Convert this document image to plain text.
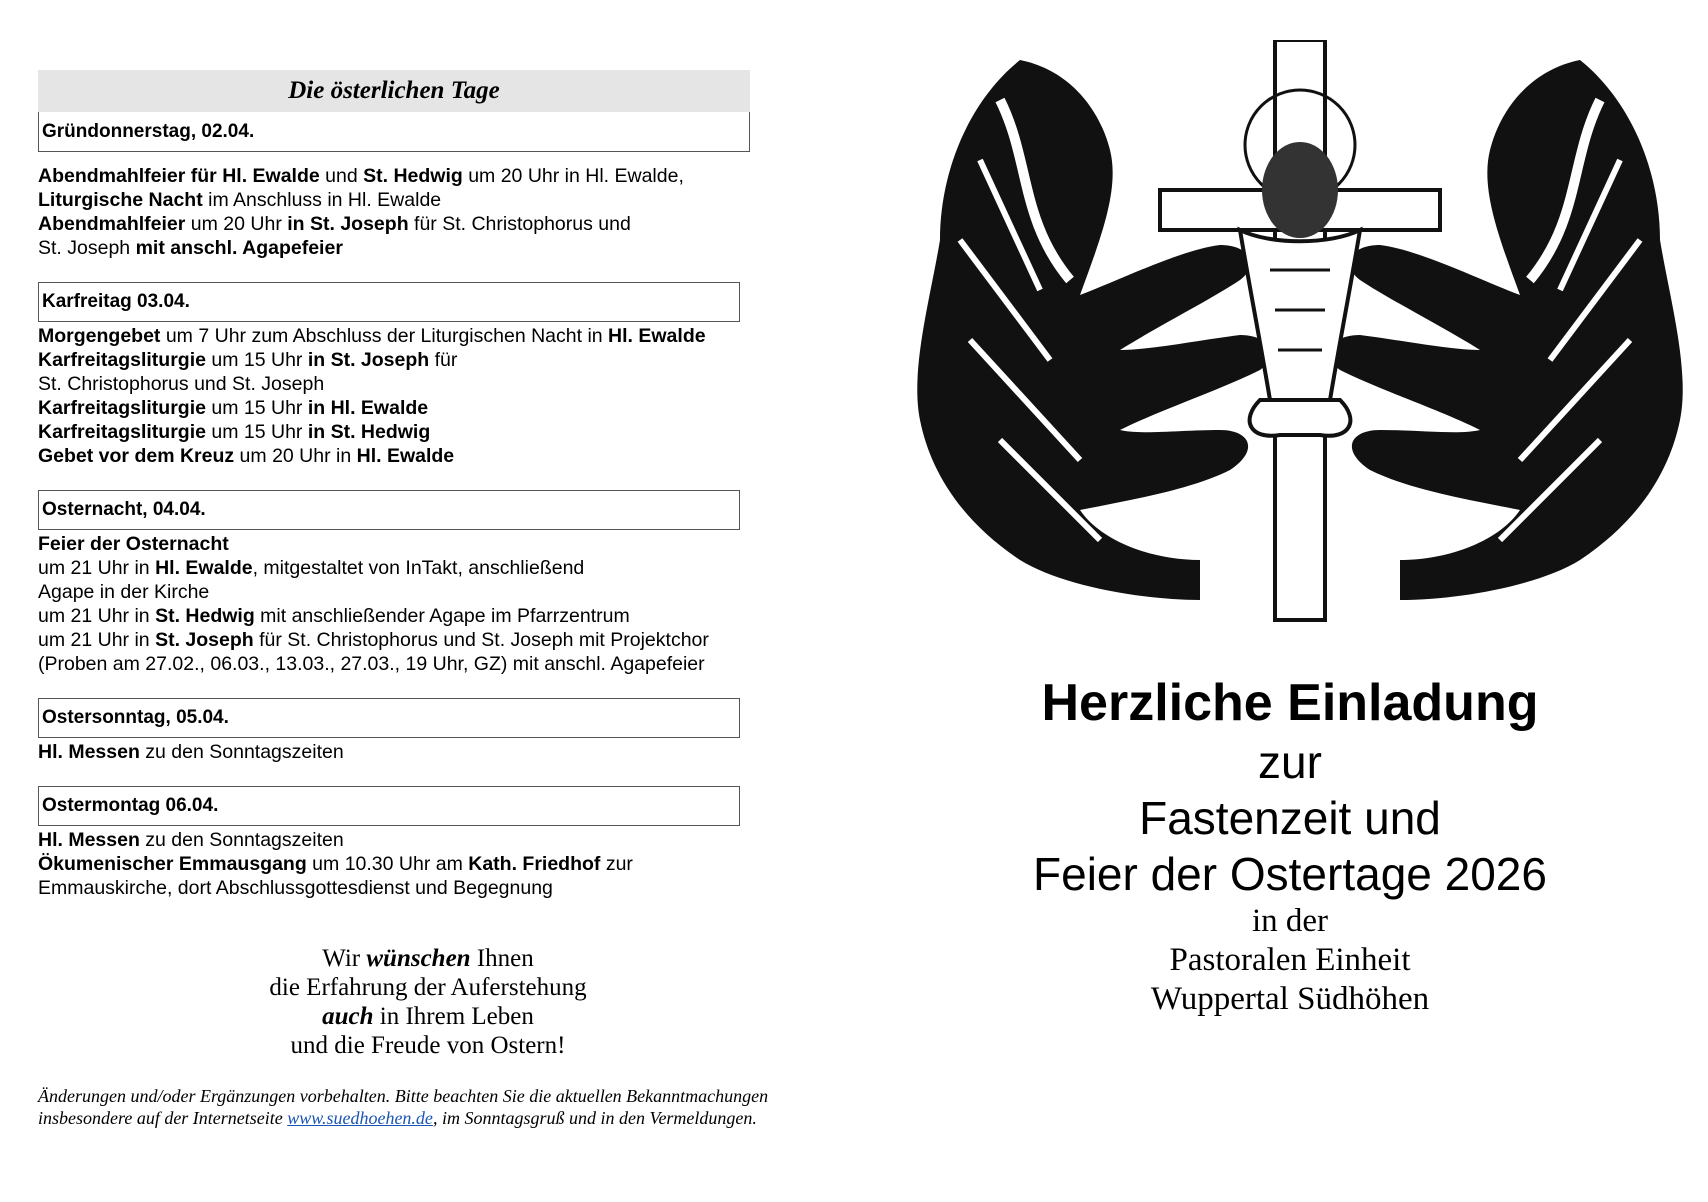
Die österlichen Tage
Gründonnerstag, 02.04.
Abendmahlfeier für Hl. Ewalde und St. Hedwig um 20 Uhr in Hl. Ewalde,
Liturgische Nacht im Anschluss in Hl. Ewalde
Abendmahlfeier um 20 Uhr in St. Joseph für St. Christophorus und
St. Joseph mit anschl. Agapefeier
Karfreitag 03.04.
Morgengebet um 7 Uhr zum Abschluss der Liturgischen Nacht in Hl. Ewalde
Karfreitagsliturgie um 15 Uhr in St. Joseph für
St. Christophorus und St. Joseph
Karfreitagsliturgie um 15 Uhr in Hl. Ewalde
Karfreitagsliturgie um 15 Uhr in St. Hedwig
Gebet vor dem Kreuz um 20 Uhr in Hl. Ewalde
Osternacht, 04.04.
Feier der Osternacht
um 21 Uhr in Hl. Ewalde, mitgestaltet von InTakt, anschließend
Agape in der Kirche
um 21 Uhr in St. Hedwig mit anschließender Agape im Pfarrzentrum
um 21 Uhr in St. Joseph für St. Christophorus und St. Joseph mit Projektchor
(Proben am 27.02., 06.03., 13.03., 27.03., 19 Uhr, GZ) mit anschl. Agapefeier
Ostersonntag, 05.04.
Hl. Messen zu den Sonntagszeiten
Ostermontag 06.04.
Hl. Messen zu den Sonntagszeiten
Ökumenischer Emmausgang um 10.30 Uhr am Kath. Friedhof zur
Emmauskirche, dort Abschlussgottesdienst und Begegnung
Wir wünschen Ihnen
die Erfahrung der Auferstehung
auch in Ihrem Leben
und die Freude von Ostern!
Änderungen und/oder Ergänzungen vorbehalten. Bitte beachten Sie die aktuellen Bekanntmachungen insbesondere auf der Internetseite www.suedhoehen.de, im Sonntagsgruß und in den Vermeldungen.
Herzliche Einladung
zur
Fastenzeit und
Feier der Ostertage 2026
in der
Pastoralen Einheit
Wuppertal Südhöhen
